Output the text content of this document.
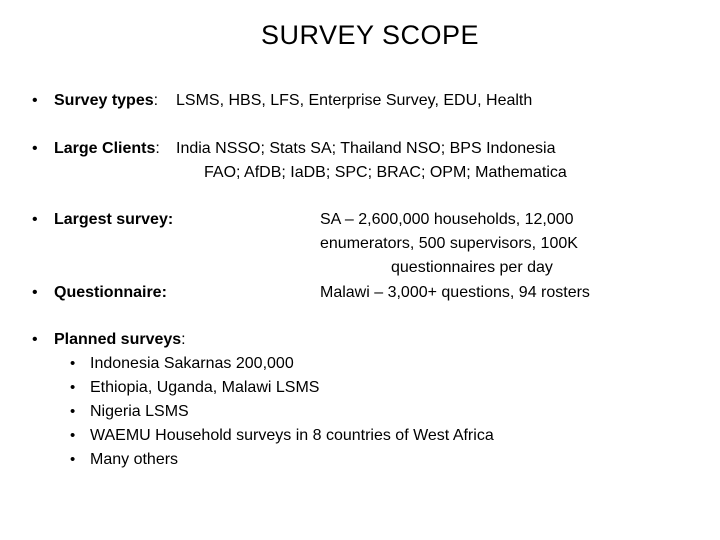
SURVEY SCOPE
• Survey types: LSMS, HBS, LFS, Enterprise Survey, EDU, Health
• Large Clients: India NSSO; Stats SA; Thailand NSO; BPS Indonesia
FAO; AfDB; IaDB; SPC; BRAC; OPM; Mathematica
• Largest survey:	SA – 2,600,000 households, 12,000
enumerators, 500 supervisors, 100K
questionnaires per day
• Questionnaire:	Malawi – 3,000+ questions, 94 rosters
• Planned surveys:
• Indonesia Sakarnas 200,000
• Ethiopia, Uganda, Malawi LSMS
• Nigeria LSMS
• WAEMU Household surveys in 8 countries of West Africa
• Many others
